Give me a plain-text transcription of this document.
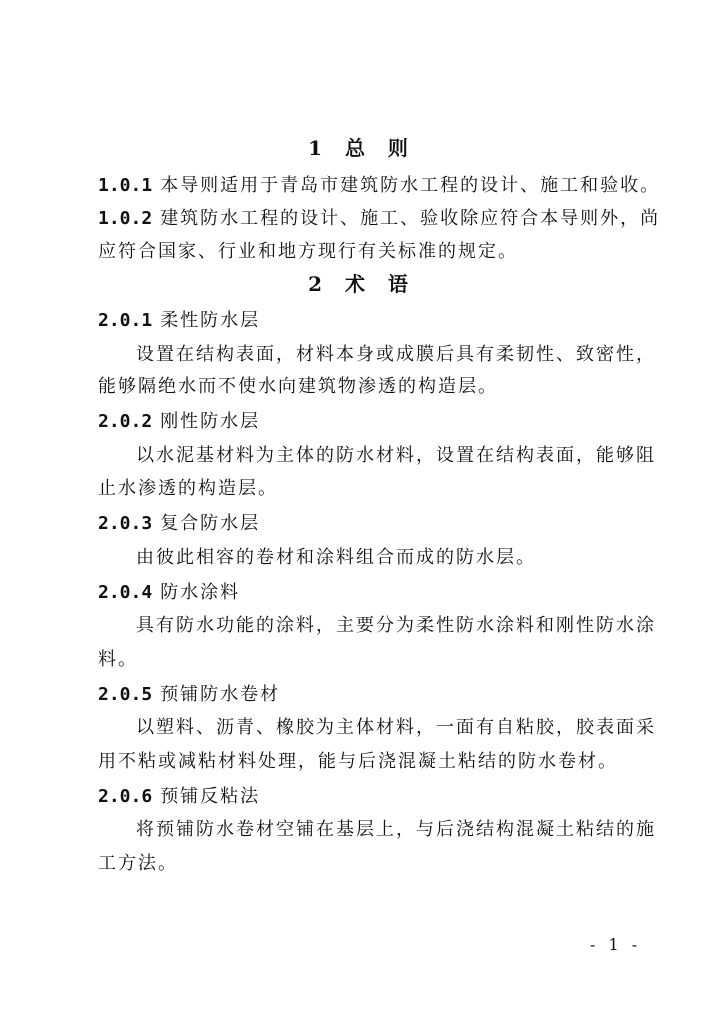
1 总 则
1.0.1 本导则适用于青岛市建筑防水工程的设计、施工和验收。
1.0.2 建筑防水工程的设计、施工、验收除应符合本导则外，尚
应符合国家、行业和地方现行有关标准的规定。
2 术 语
2.0.1 柔性防水层
设置在结构表面，材料本身或成膜后具有柔韧性、致密性，
能够隔绝水而不使水向建筑物渗透的构造层。
2.0.2 刚性防水层
以水泥基材料为主体的防水材料，设置在结构表面，能够阻
止水渗透的构造层。
2.0.3 复合防水层
由彼此相容的卷材和涂料组合而成的防水层。
2.0.4 防水涂料
具有防水功能的涂料，主要分为柔性防水涂料和刚性防水涂
料。
2.0.5 预铺防水卷材
以塑料、沥青、橡胶为主体材料，一面有自粘胶，胶表面采
用不粘或减粘材料处理，能与后浇混凝土粘结的防水卷材。
2.0.6 预铺反粘法
将预铺防水卷材空铺在基层上，与后浇结构混凝土粘结的施
工方法。
- 1 -
